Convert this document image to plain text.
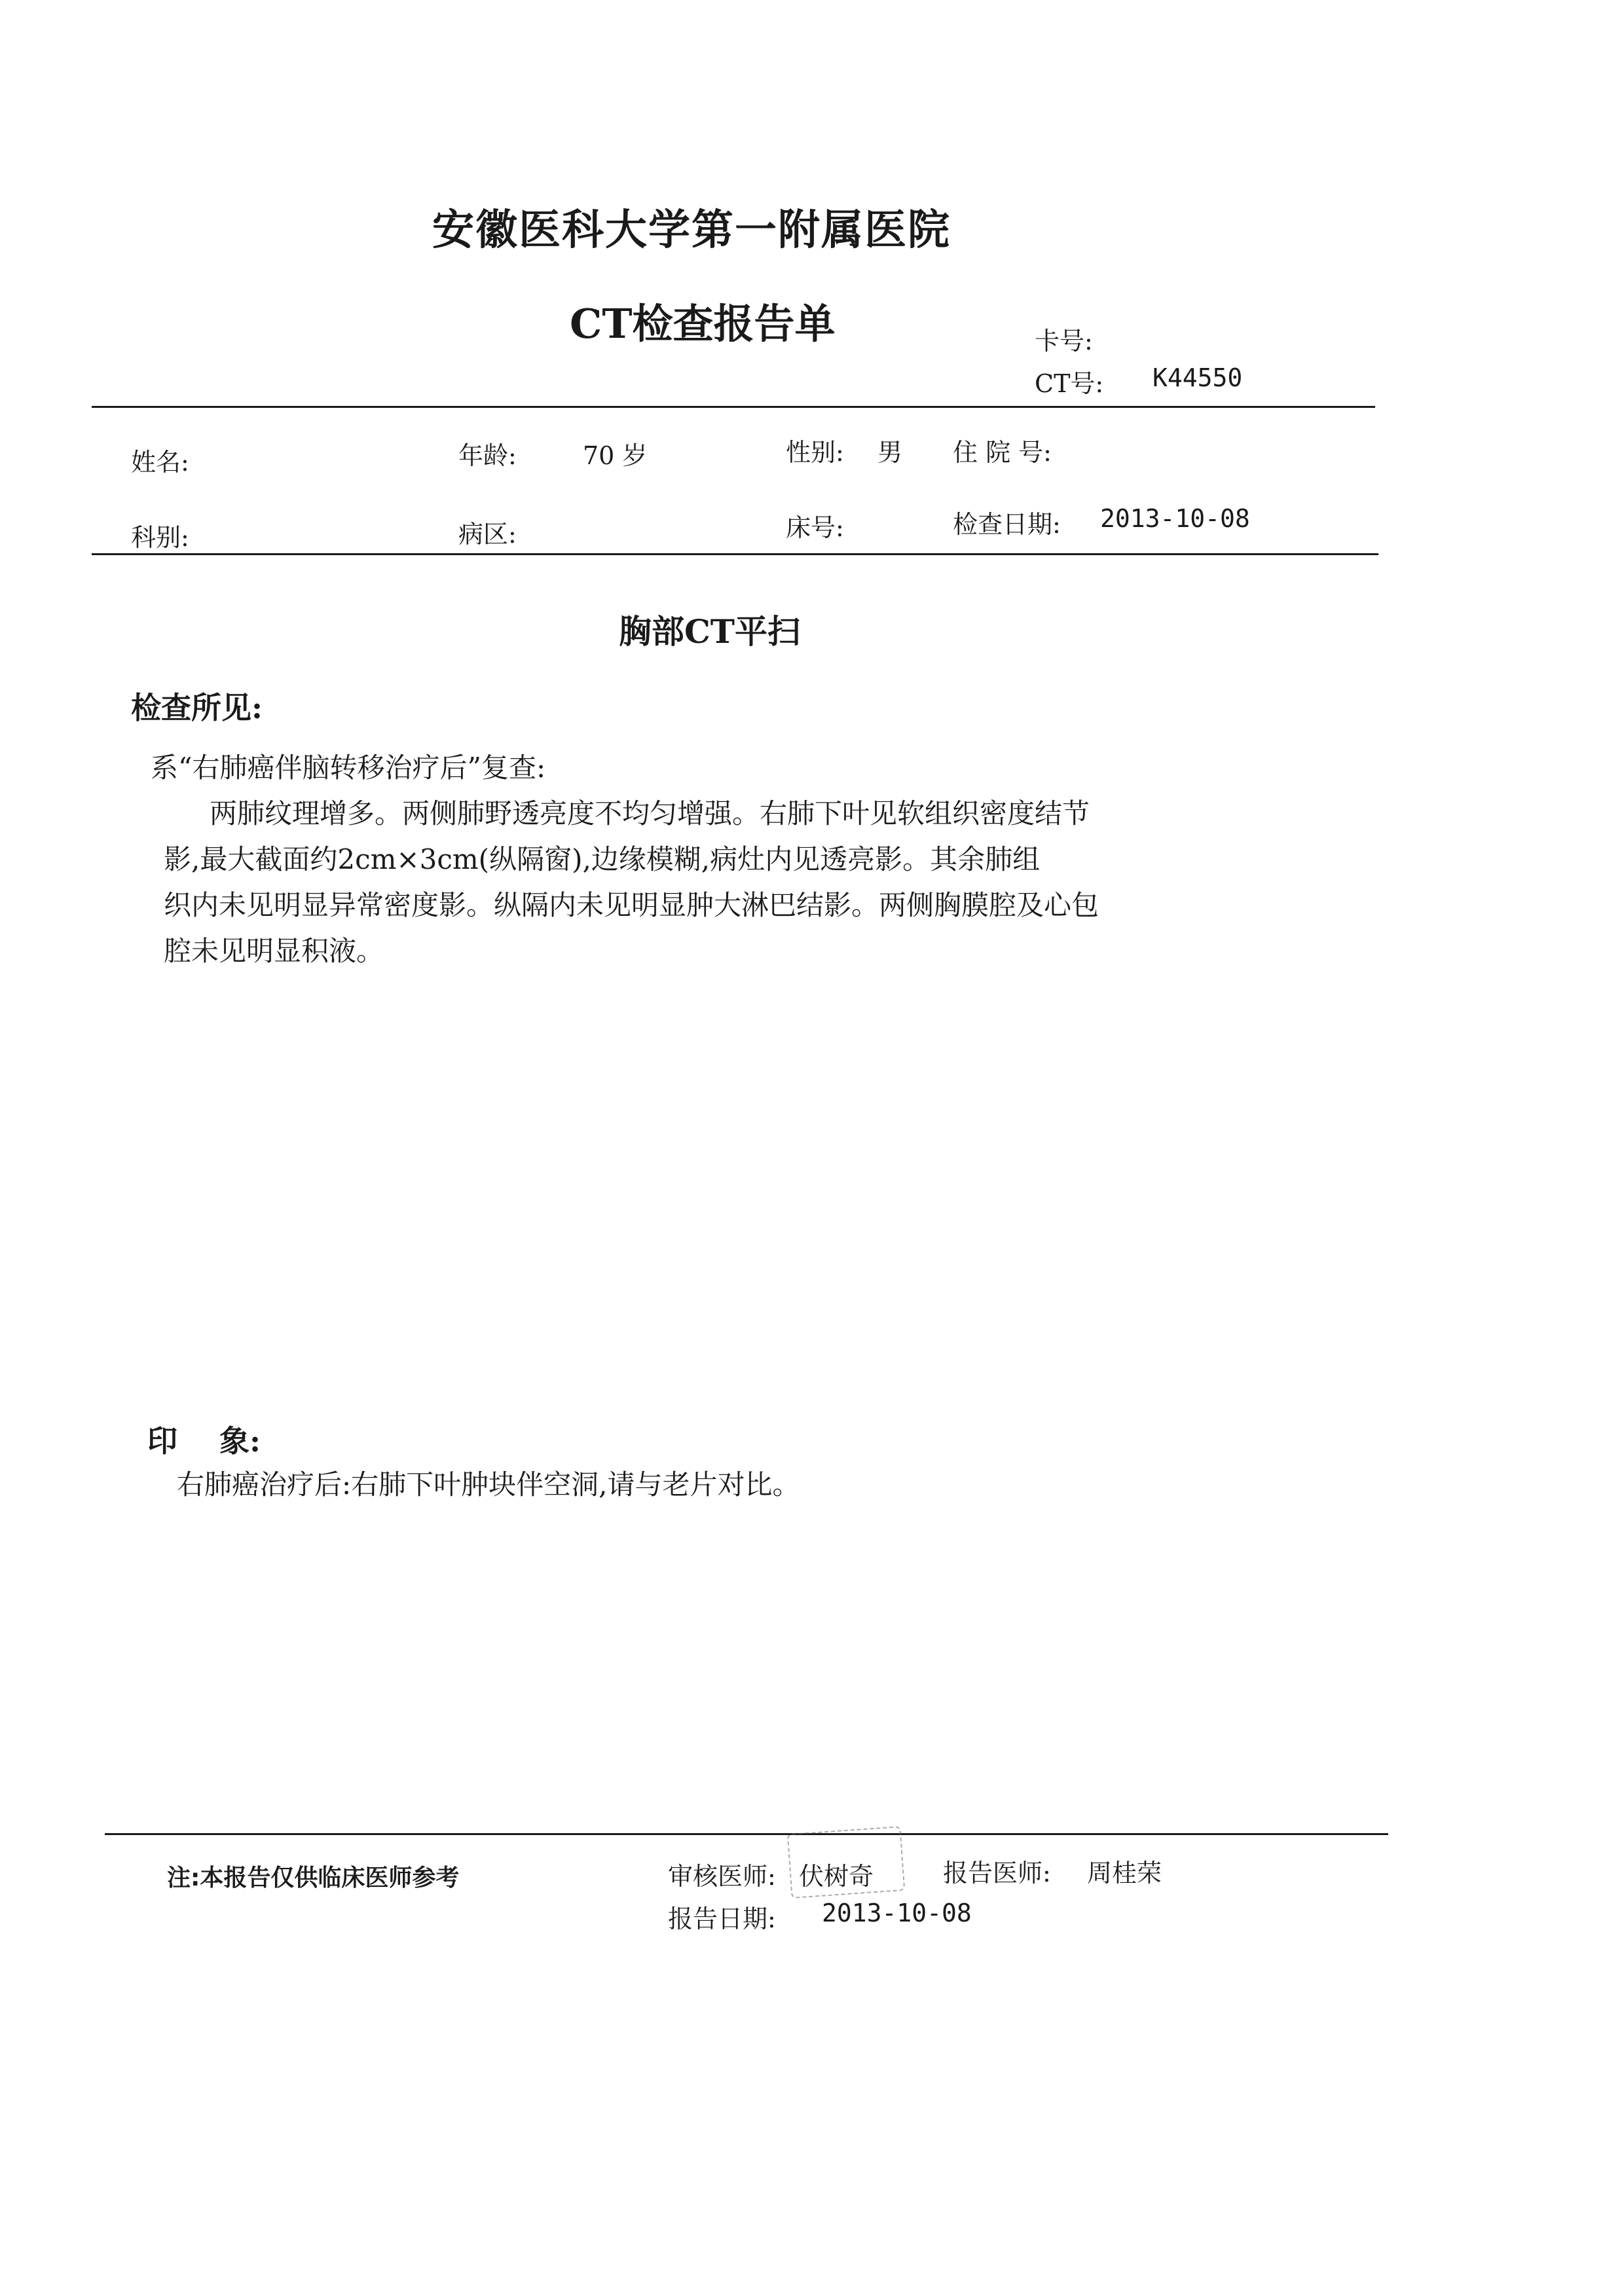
安徽医科大学第一附属医院
CT检查报告单	卡号:
CT号: K44550
姓名:	年龄:	70 岁	性别: 男 住 院 号:
科别:	病区:	床号:	检查日期: 2013-10-08
胸部CT平扫
检查所见:
系“右肺癌伴脑转移治疗后”复查:
两肺纹理增多。两侧肺野透亮度不均匀增强。右肺下叶见软组织密度结节
影,最大截面约2cm×3cm(纵隔窗),边缘模糊,病灶内见透亮影。其余肺组
织内未见明显异常密度影。纵隔内未见明显肿大淋巴结影。两侧胸膜腔及心包
腔未见明显积液。
印    象:
右肺癌治疗后:右肺下叶肿块伴空洞,请与老片对比。
注:本报告仅供临床医师参考	审核医师: 伏树奇	报告医师: 周桂荣
报告日期: 2013-10-08
